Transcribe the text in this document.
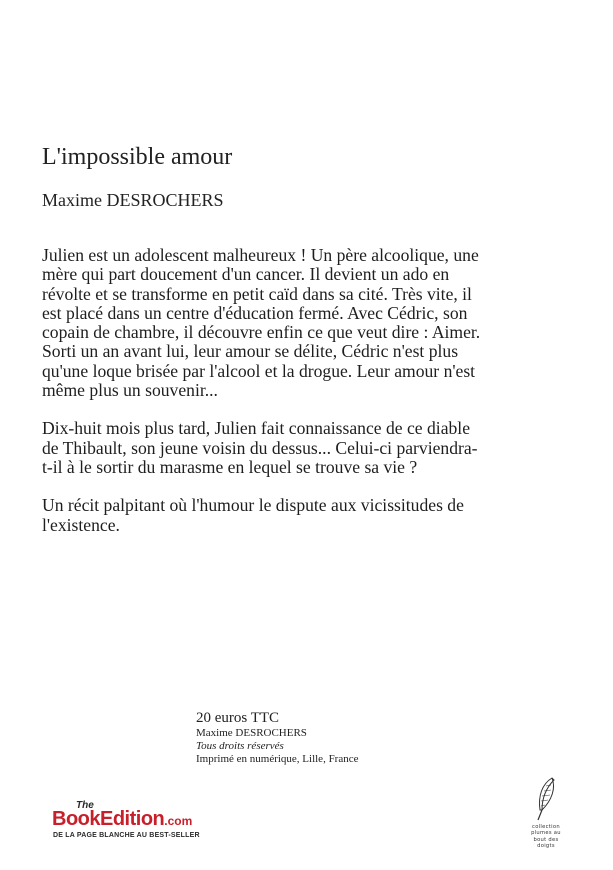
L'impossible amour
Maxime DESROCHERS

Julien est un adolescent malheureux ! Un père alcoolique, une mère qui part doucement d'un cancer. Il devient un ado en révolte et se transforme en petit caïd dans sa cité. Très vite, il est placé dans un centre d'éducation fermé. Avec Cédric, son copain de chambre, il découvre enfin ce que veut dire : Aimer. Sorti un an avant lui, leur amour se délite, Cédric n'est plus qu'une loque brisée par l'alcool et la drogue. Leur amour n'est même plus un souvenir...

Dix-huit mois plus tard, Julien fait connaissance de ce diable de Thibault, son jeune voisin du dessus... Celui-ci parviendra-t-il à le sortir du marasme en lequel se trouve sa vie ?

Un récit palpitant où l'humour le dispute aux vicissitudes de l'existence.

20 euros TTC
Maxime DESROCHERS
Tous droits réservés
Imprimé en numérique, Lille, France
The
BookEdition.com
DE LA PAGE BLANCHE AU BEST-SELLER
collection
plumes au
bout des
doigts
